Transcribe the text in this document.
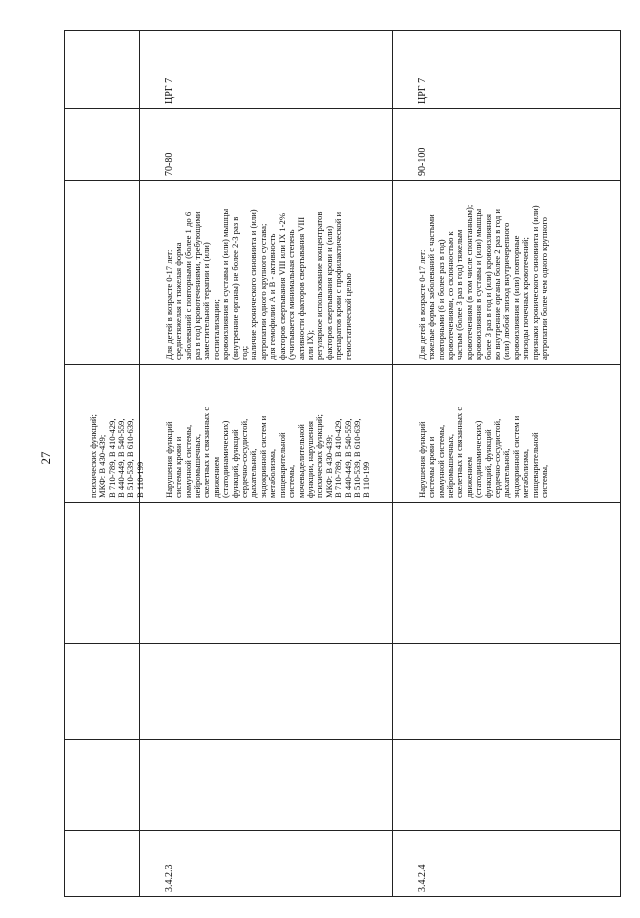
27

	психических функций;
МКФ: В 430-439;
В 710-789, В 410-429,
В 440-449, В 540-559,
В 510-539, В 610-639,
В 110-199

ЦРГ 7

3.4.2.3

Нарушения функций
системы крови и
иммунной системы,
нейромышечных,
скелетных и связанных с
движением
(статодинамических)
функций, функций
сердечно-сосудистой,
дыхательной,
эндокринной систем и
метаболизма,
пищеварительной
системы,
мочевыделительной
функции, нарушения
психических функций;
МКФ: В 430-439;
В 710-789, В 410-429,
В 440-449, В 540-559,
В 510-539, В 610-639,
В 110-199

Для детей в возрасте 0-17 лет:
среднетяжелая и тяжелая форма
заболеваний с повторными (более 1 до 6
раз в год) кровотечениями, требующими
заместительной терапии и (или)
госпитализации;
кровоизлияния в суставы и (или) мышцы
(внутренние органы) не более 2-3 раз в
год;
наличие хронического синовиита и (или)
артропатии одного крупного сустава;
для гемофилии А и В - активность
факторов свертывания VIII или IX 1-2%
(учитывается минимальная степень
активности факторов свертывания VIII
или IX);
регулярное использование концентратов
факторов свертывания крови и (или)
препаратов крови с профилактической и
гемостатической целью

70-80

3.4.2.4

Нарушения функций
системы крови и
иммунной системы,
нейромышечных,
скелетных и связанных с
движением
(статодинамических)
функций, функций
сердечно-сосудистой,
дыхательной,
эндокринной систем и
метаболизма,
пищеварительной
системы,

Для детей в возрасте 0-17 лет:
тяжелые формы заболеваний с частыми
повторными (6 и более раз в год)
кровотечениями, со склонностью к
частым (более 3 раз в год) тяжелым
кровотечениям (в том числе спонтанным);
кровоизлияния в суставы и (или) мышцы
более 3 раз в год и (или) кровоизлияния
во внутренние органы более 2 раз в год и
(или) любой эпизод внутричерепного
кровоизлияния и (или) повторные
эпизоды почечных кровотечений;
признаки хронического синовиита и (или)
артропатии более чем одного крупного

90-100

ЦРГ 7
